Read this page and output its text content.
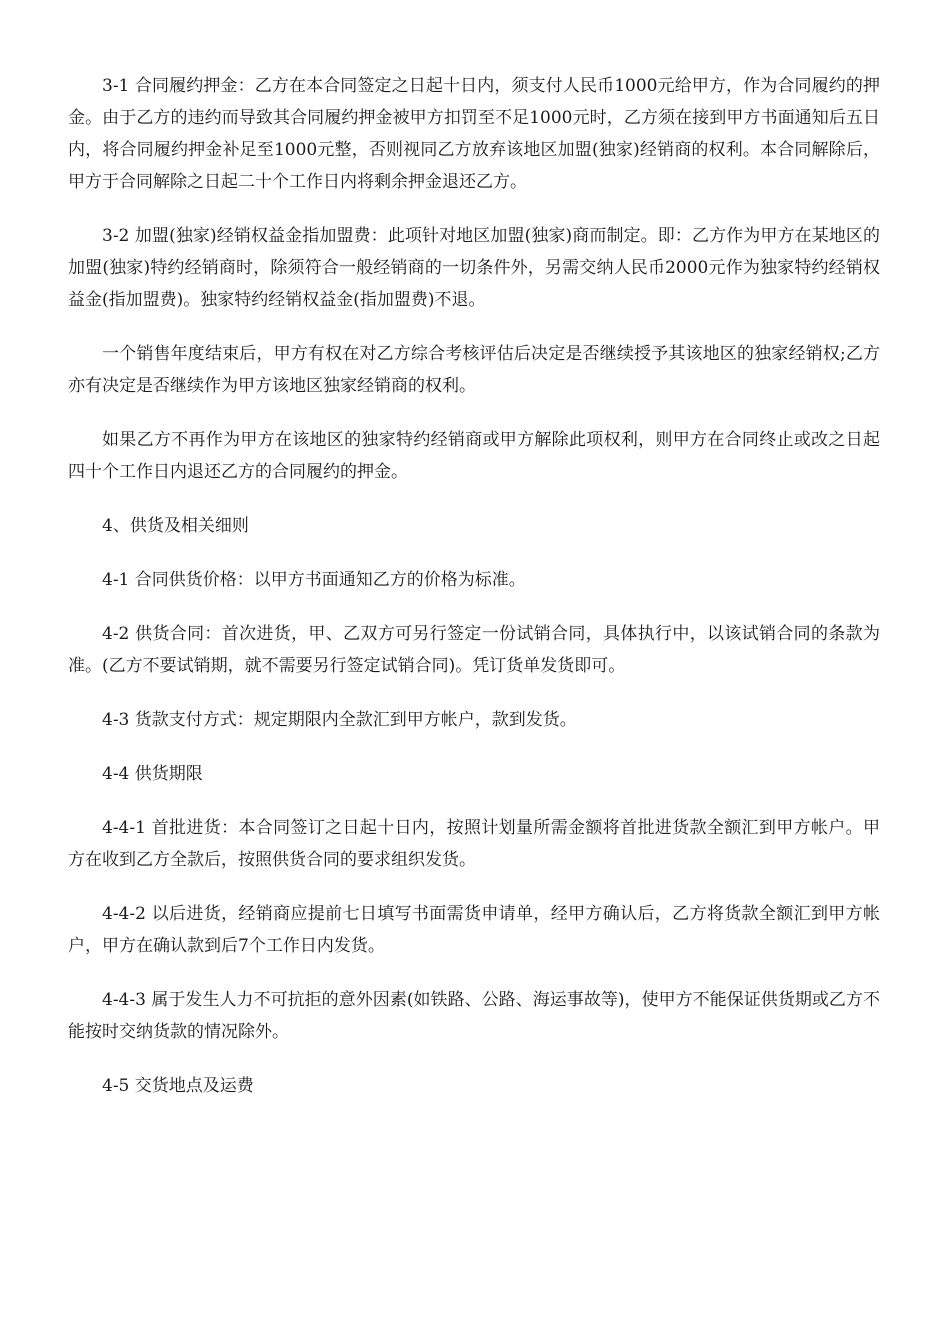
3-1 合同履约押金：乙方在本合同签定之日起十日内，须支付人民币1000元给甲方，作为合同履约的押金。由于乙方的违约而导致其合同履约押金被甲方扣罚至不足1000元时，乙方须在接到甲方书面通知后五日内，将合同履约押金补足至1000元整，否则视同乙方放弃该地区加盟(独家)经销商的权利。本合同解除后，甲方于合同解除之日起二十个工作日内将剩余押金退还乙方。

3-2 加盟(独家)经销权益金指加盟费：此项针对地区加盟(独家)商而制定。即：乙方作为甲方在某地区的加盟(独家)特约经销商时，除须符合一般经销商的一切条件外，另需交纳人民币2000元作为独家特约经销权益金(指加盟费)。独家特约经销权益金(指加盟费)不退。

一个销售年度结束后，甲方有权在对乙方综合考核评估后决定是否继续授予其该地区的独家经销权;乙方亦有决定是否继续作为甲方该地区独家经销商的权利。

如果乙方不再作为甲方在该地区的独家特约经销商或甲方解除此项权利，则甲方在合同终止或改之日起四十个工作日内退还乙方的合同履约的押金。

4、供货及相关细则

4-1 合同供货价格：以甲方书面通知乙方的价格为标准。

4-2 供货合同：首次进货，甲、乙双方可另行签定一份试销合同，具体执行中，以该试销合同的条款为准。(乙方不要试销期，就不需要另行签定试销合同)。凭订货单发货即可。

4-3 货款支付方式：规定期限内全款汇到甲方帐户，款到发货。

4-4 供货期限

4-4-1 首批进货：本合同签订之日起十日内，按照计划量所需金额将首批进货款全额汇到甲方帐户。甲方在收到乙方全款后，按照供货合同的要求组织发货。

4-4-2 以后进货，经销商应提前七日填写书面需货申请单，经甲方确认后，乙方将货款全额汇到甲方帐户，甲方在确认款到后7个工作日内发货。

4-4-3 属于发生人力不可抗拒的意外因素(如铁路、公路、海运事故等)，使甲方不能保证供货期或乙方不能按时交纳货款的情况除外。

4-5 交货地点及运费
